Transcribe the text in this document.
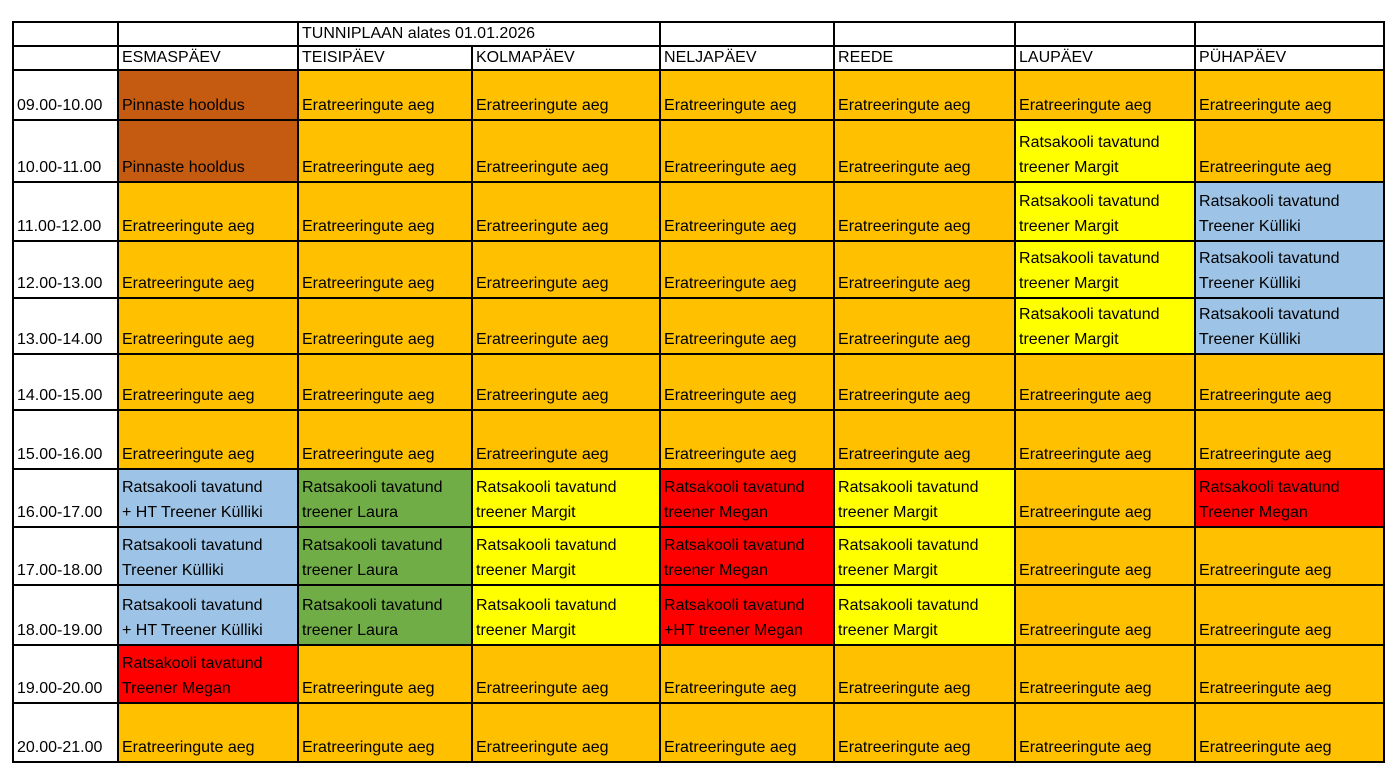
		TUNNIPLAAN alates 01.01.2026					
	ESMASPÄEV	TEISIPÄEV	KOLMAPÄEV	NELJAPÄEV	REEDE	LAUPÄEV	PÜHAPÄEV
09.00-10.00	Pinnaste hooldus	Eratreeringute aeg	Eratreeringute aeg	Eratreeringute aeg	Eratreeringute aeg	Eratreeringute aeg	Eratreeringute aeg
10.00-11.00	Pinnaste hooldus	Eratreeringute aeg	Eratreeringute aeg	Eratreeringute aeg	Eratreeringute aeg	Ratsakooli tavatund
treener Margit	Eratreeringute aeg
11.00-12.00	Eratreeringute aeg	Eratreeringute aeg	Eratreeringute aeg	Eratreeringute aeg	Eratreeringute aeg	Ratsakooli tavatund
treener Margit	Ratsakooli tavatund
Treener Külliki
12.00-13.00	Eratreeringute aeg	Eratreeringute aeg	Eratreeringute aeg	Eratreeringute aeg	Eratreeringute aeg	Ratsakooli tavatund
treener Margit	Ratsakooli tavatund
Treener Külliki
13.00-14.00	Eratreeringute aeg	Eratreeringute aeg	Eratreeringute aeg	Eratreeringute aeg	Eratreeringute aeg	Ratsakooli tavatund
treener Margit	Ratsakooli tavatund
Treener Külliki
14.00-15.00	Eratreeringute aeg	Eratreeringute aeg	Eratreeringute aeg	Eratreeringute aeg	Eratreeringute aeg	Eratreeringute aeg	Eratreeringute aeg
15.00-16.00	Eratreeringute aeg	Eratreeringute aeg	Eratreeringute aeg	Eratreeringute aeg	Eratreeringute aeg	Eratreeringute aeg	Eratreeringute aeg
16.00-17.00	Ratsakooli tavatund
+ HT Treener Külliki	Ratsakooli tavatund
treener Laura	Ratsakooli tavatund
treener Margit	Ratsakooli tavatund
treener Megan	Ratsakooli tavatund
treener Margit	Eratreeringute aeg	Ratsakooli tavatund
Treener Megan
17.00-18.00	Ratsakooli tavatund
Treener Külliki	Ratsakooli tavatund
treener Laura	Ratsakooli tavatund
treener Margit	Ratsakooli tavatund
treener Megan	Ratsakooli tavatund
treener Margit	Eratreeringute aeg	Eratreeringute aeg
18.00-19.00	Ratsakooli tavatund
+ HT Treener Külliki	Ratsakooli tavatund
treener Laura	Ratsakooli tavatund
treener Margit	Ratsakooli tavatund
+HT treener Megan	Ratsakooli tavatund
treener Margit	Eratreeringute aeg	Eratreeringute aeg
19.00-20.00	Ratsakooli tavatund
Treener Megan	Eratreeringute aeg	Eratreeringute aeg	Eratreeringute aeg	Eratreeringute aeg	Eratreeringute aeg	Eratreeringute aeg
20.00-21.00	Eratreeringute aeg	Eratreeringute aeg	Eratreeringute aeg	Eratreeringute aeg	Eratreeringute aeg	Eratreeringute aeg	Eratreeringute aeg
